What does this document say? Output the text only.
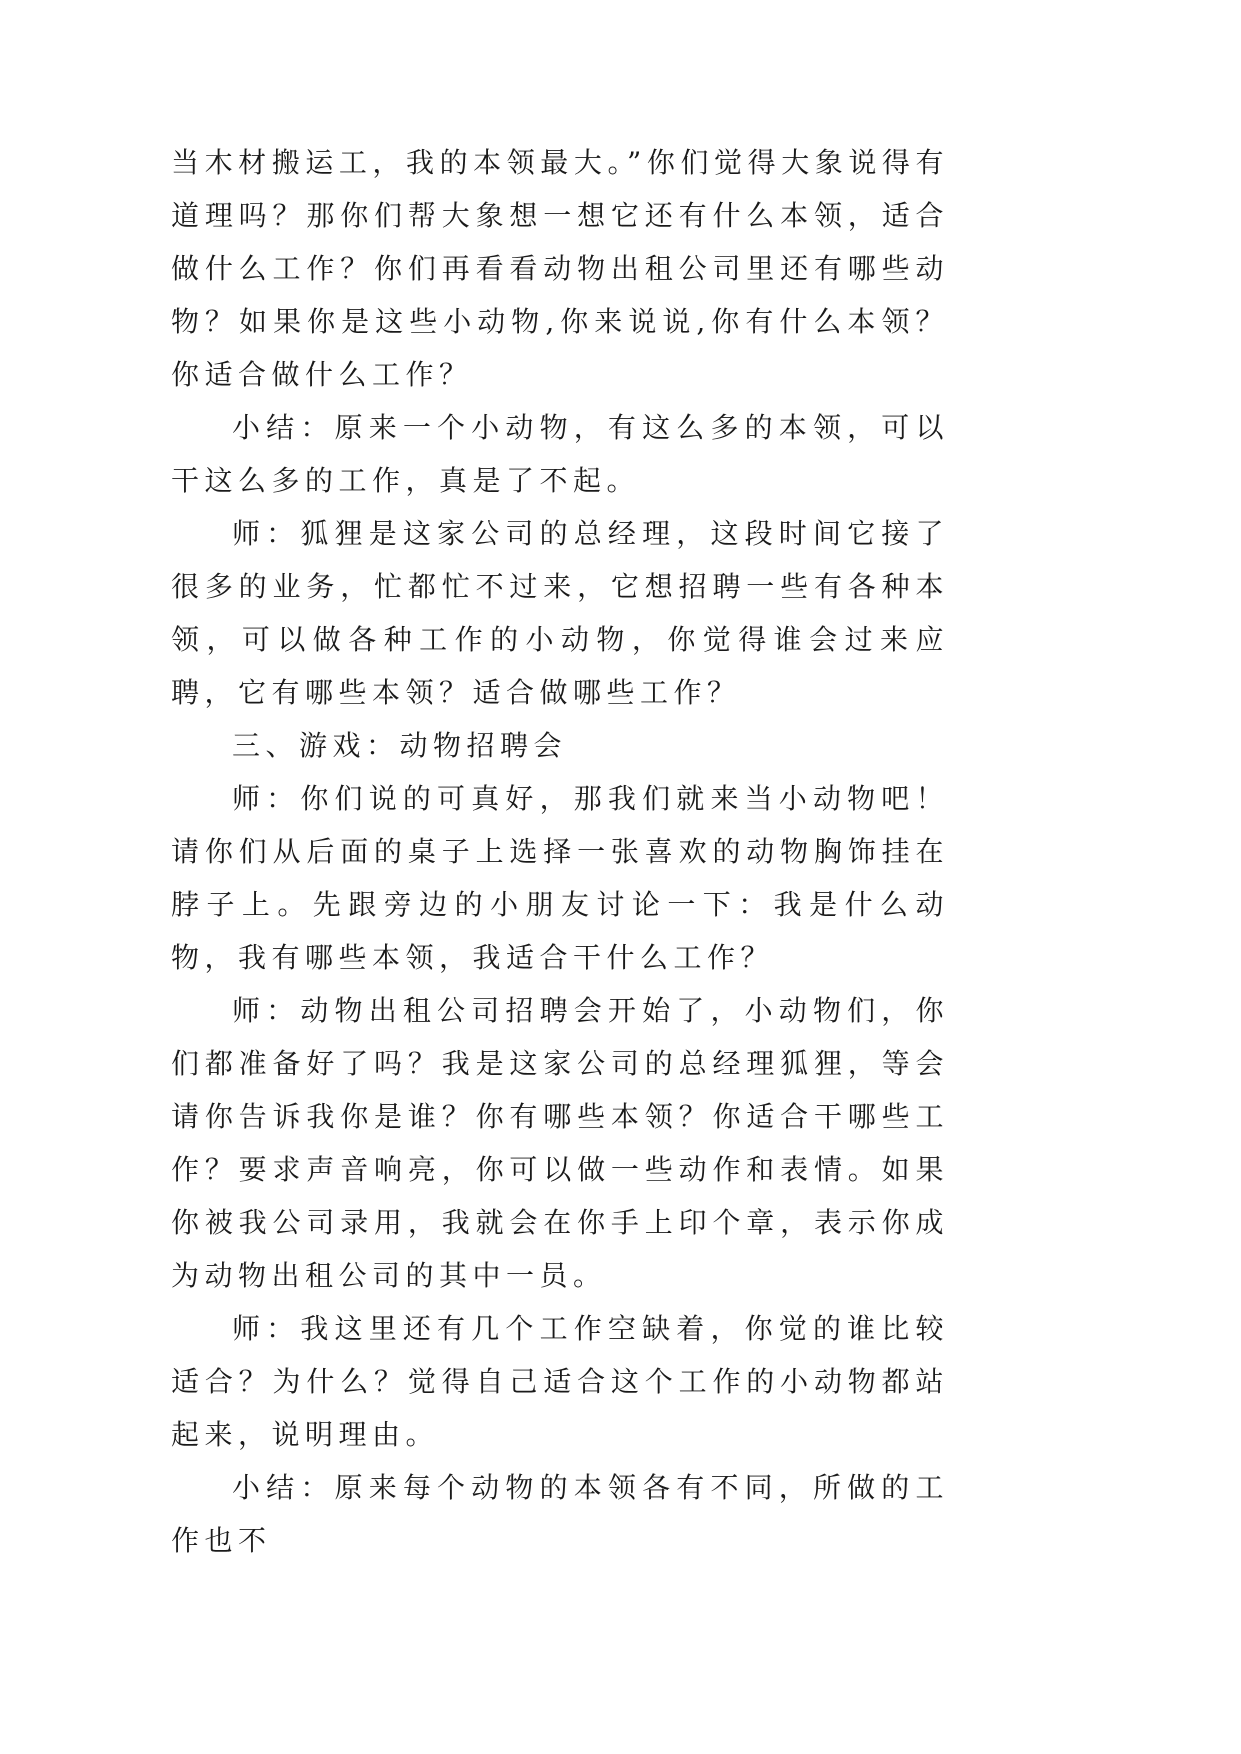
当木材搬运工，我的本领最大。”你们觉得大象说得有道理吗？那你们帮大象想一想它还有什么本领，适合做什么工作？你们再看看动物出租公司里还有哪些动物？如果你是这些小动物,你来说说,你有什么本领？你适合做什么工作？

小结：原来一个小动物，有这么多的本领，可以干这么多的工作，真是了不起。

师：狐狸是这家公司的总经理，这段时间它接了很多的业务，忙都忙不过来，它想招聘一些有各种本领，可以做各种工作的小动物，你觉得谁会过来应聘，它有哪些本领？适合做哪些工作？

三、游戏：动物招聘会

师：你们说的可真好，那我们就来当小动物吧！请你们从后面的桌子上选择一张喜欢的动物胸饰挂在脖子上。先跟旁边的小朋友讨论一下：我是什么动物，我有哪些本领，我适合干什么工作？

师：动物出租公司招聘会开始了，小动物们，你们都准备好了吗？我是这家公司的总经理狐狸，等会请你告诉我你是谁？你有哪些本领？你适合干哪些工作？要求声音响亮，你可以做一些动作和表情。如果你被我公司录用，我就会在你手上印个章，表示你成为动物出租公司的其中一员。

师：我这里还有几个工作空缺着，你觉的谁比较适合？为什么？觉得自己适合这个工作的小动物都站起来，说明理由。

小结：原来每个动物的本领各有不同，所做的工作也不
